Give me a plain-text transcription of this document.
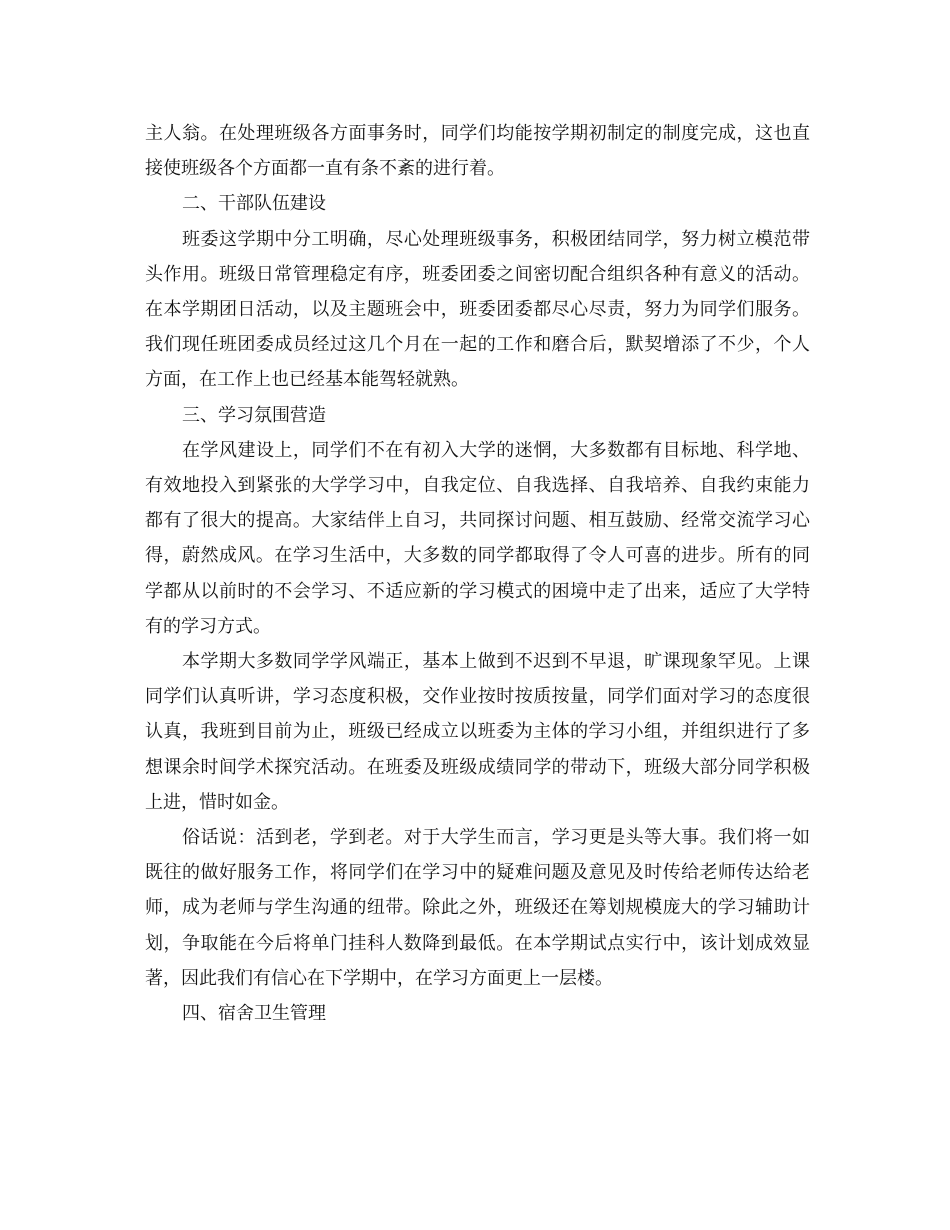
主人翁。在处理班级各方面事务时，同学们均能按学期初制定的制度完成，这也直接使班级各个方面都一直有条不紊的进行着。

二、干部队伍建设

班委这学期中分工明确，尽心处理班级事务，积极团结同学，努力树立模范带头作用。班级日常管理稳定有序，班委团委之间密切配合组织各种有意义的活动。在本学期团日活动，以及主题班会中，班委团委都尽心尽责，努力为同学们服务。我们现任班团委成员经过这几个月在一起的工作和磨合后，默契增添了不少，个人方面，在工作上也已经基本能驾轻就熟。

三、学习氛围营造

在学风建设上，同学们不在有初入大学的迷惘，大多数都有目标地、科学地、有效地投入到紧张的大学学习中，自我定位、自我选择、自我培养、自我约束能力都有了很大的提高。大家结伴上自习，共同探讨问题、相互鼓励、经常交流学习心得，蔚然成风。在学习生活中，大多数的同学都取得了令人可喜的进步。所有的同学都从以前时的不会学习、不适应新的学习模式的困境中走了出来，适应了大学特有的学习方式。

本学期大多数同学学风端正，基本上做到不迟到不早退，旷课现象罕见。上课同学们认真听讲，学习态度积极，交作业按时按质按量，同学们面对学习的态度很认真，我班到目前为止，班级已经成立以班委为主体的学习小组，并组织进行了多想课余时间学术探究活动。在班委及班级成绩同学的带动下，班级大部分同学积极上进，惜时如金。

俗话说：活到老，学到老。对于大学生而言，学习更是头等大事。我们将一如既往的做好服务工作，将同学们在学习中的疑难问题及意见及时传给老师传达给老师，成为老师与学生沟通的纽带。除此之外，班级还在筹划规模庞大的学习辅助计划，争取能在今后将单门挂科人数降到最低。在本学期试点实行中，该计划成效显著，因此我们有信心在下学期中，在学习方面更上一层楼。

四、宿舍卫生管理
